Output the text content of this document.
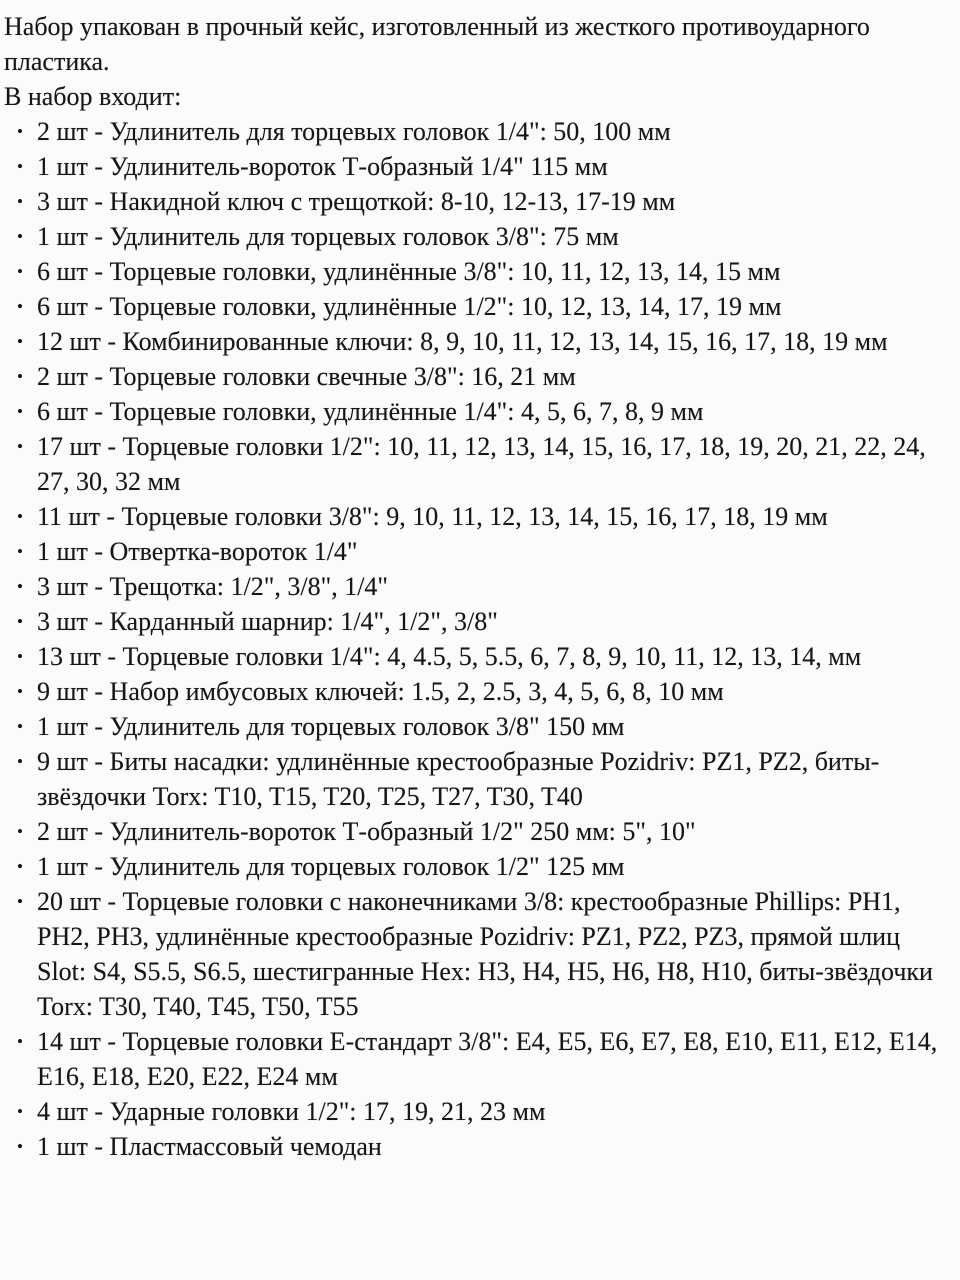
Набор упакован в прочный кейс, изготовленный из жесткого противоударного пластика.

В набор входит:

• 2 шт - Удлинитель для торцевых головок 1/4": 50, 100 мм
• 1 шт - Удлинитель-вороток Т-образный 1/4" 115 мм
• 3 шт - Накидной ключ с трещоткой: 8-10, 12-13, 17-19 мм
• 1 шт - Удлинитель для торцевых головок 3/8": 75 мм
• 6 шт - Торцевые головки, удлинённые 3/8": 10, 11, 12, 13, 14, 15 мм
• 6 шт - Торцевые головки, удлинённые 1/2": 10, 12, 13, 14, 17, 19 мм
• 12 шт - Комбинированные ключи: 8, 9, 10, 11, 12, 13, 14, 15, 16, 17, 18, 19 мм
• 2 шт - Торцевые головки свечные 3/8": 16, 21 мм
• 6 шт - Торцевые головки, удлинённые 1/4": 4, 5, 6, 7, 8, 9 мм
• 17 шт - Торцевые головки 1/2": 10, 11, 12, 13, 14, 15, 16, 17, 18, 19, 20, 21, 22, 24, 27, 30, 32 мм
• 11 шт - Торцевые головки 3/8": 9, 10, 11, 12, 13, 14, 15, 16, 17, 18, 19 мм
• 1 шт - Отвертка-вороток 1/4"
• 3 шт - Трещотка: 1/2", 3/8", 1/4"
• 3 шт - Карданный шарнир: 1/4", 1/2", 3/8"
• 13 шт - Торцевые головки 1/4": 4, 4.5, 5, 5.5, 6, 7, 8, 9, 10, 11, 12, 13, 14, мм
• 9 шт - Набор имбусовых ключей: 1.5, 2, 2.5, 3, 4, 5, 6, 8, 10 мм
• 1 шт - Удлинитель для торцевых головок 3/8" 150 мм
• 9 шт - Биты насадки: удлинённые крестообразные Pozidriv: PZ1, PZ2, биты-звёздочки Torx: T10, T15, T20, T25, T27, T30, T40
• 2 шт - Удлинитель-вороток Т-образный 1/2" 250 мм: 5", 10"
• 1 шт - Удлинитель для торцевых головок 1/2" 125 мм
• 20 шт - Торцевые головки с наконечниками 3/8: крестообразные Phillips: PH1, PH2, PH3, удлинённые крестообразные Pozidriv: PZ1, PZ2, PZ3, прямой шлиц Slot: S4, S5.5, S6.5, шестигранные Hex: H3, H4, H5, H6, H8, H10, биты-звёздочки Torx: T30, T40, T45, T50, T55
• 14 шт - Торцевые головки Е-стандарт 3/8": E4, E5, E6, E7, E8, E10, E11, E12, E14, E16, E18, E20, E22, E24 мм
• 4 шт - Ударные головки 1/2": 17, 19, 21, 23 мм
• 1 шт - Пластмассовый чемодан
